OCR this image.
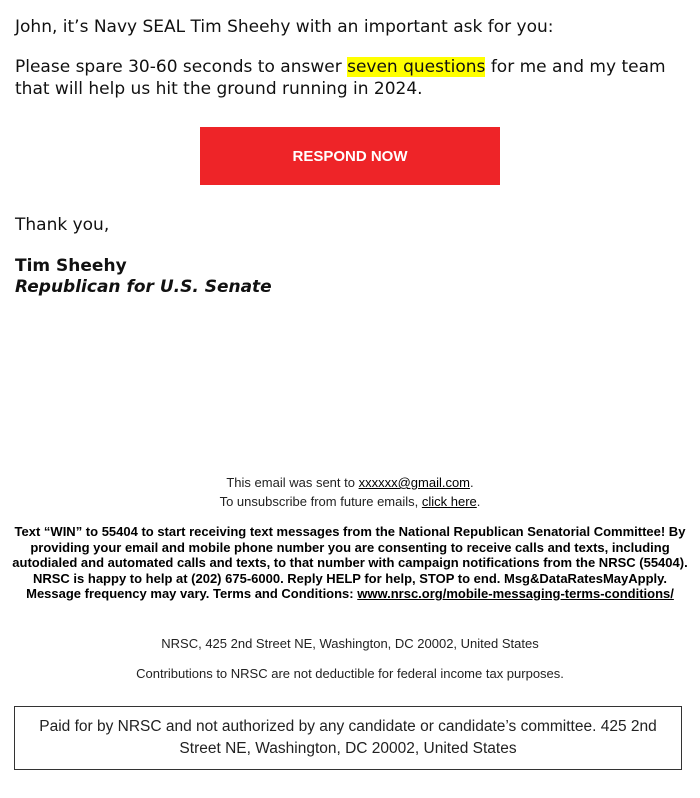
John, it’s Navy SEAL Tim Sheehy with an important ask for you:

Please spare 30-60 seconds to answer seven questions for me and my team that will help us hit the ground running in 2024.

RESPOND NOW

Thank you,

Tim Sheehy

Republican for U.S. Senate

This email was sent to xxxxxx@gmail.com.

To unsubscribe from future emails, click here.

Text “WIN” to 55404 to start receiving text messages from the National Republican Senatorial Committee! By providing your email and mobile phone number you are consenting to receive calls and texts, including autodialed and automated calls and texts, to that number with campaign notifications from the NRSC (55404). NRSC is happy to help at (202) 675-6000. Reply HELP for help, STOP to end. Msg&DataRatesMayApply. Message frequency may vary. Terms and Conditions: www.nrsc.org/mobile-messaging-terms-conditions/

NRSC, 425 2nd Street NE, Washington, DC 20002, United States

Contributions to NRSC are not deductible for federal income tax purposes.

Paid for by NRSC and not authorized by any candidate or candidate’s committee. 425 2nd Street NE, Washington, DC 20002, United States
